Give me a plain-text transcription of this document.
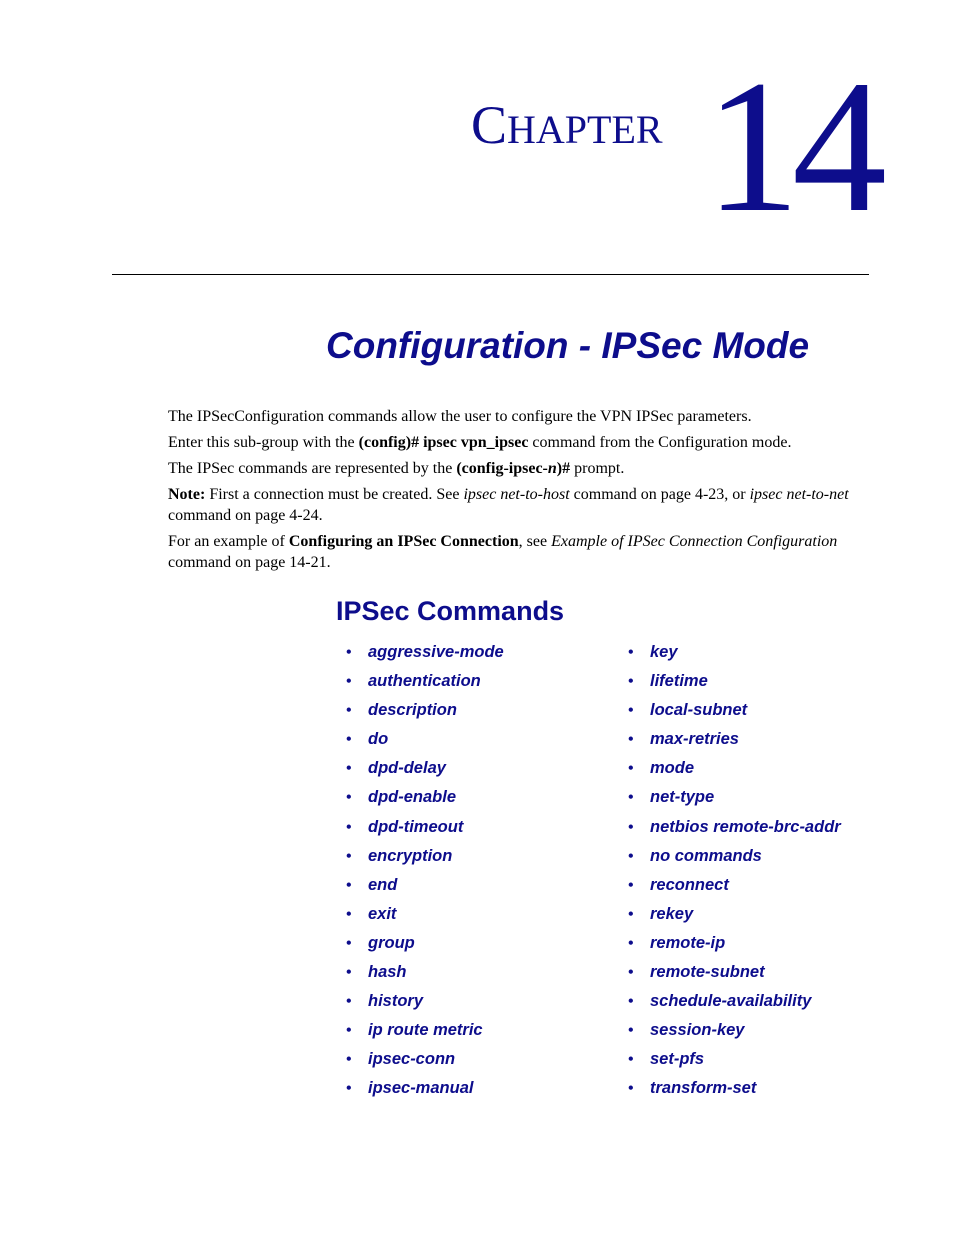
CHAPTER 14
Configuration - IPSec Mode

The IPSecConfiguration commands allow the user to configure the VPN IPSec parameters.

Enter this sub-group with the (config)# ipsec vpn_ipsec command from the Configuration mode.

The IPSec commands are represented by the (config-ipsec-n)# prompt.

Note: First a connection must be created. See ipsec net-to-host command on page 4-23, or ipsec net-to-net command on page 4-24.

For an example of Configuring an IPSec Connection, see Example of IPSec Connection Configuration command on page 14-21.

IPSec Commands
• aggressive-mode
• authentication
• description
• do
• dpd-delay
• dpd-enable
• dpd-timeout
• encryption
• end
• exit
• group
• hash
• history
• ip route metric
• ipsec-conn
• ipsec-manual
• key
• lifetime
• local-subnet
• max-retries
• mode
• net-type
• netbios remote-brc-addr
• no commands
• reconnect
• rekey
• remote-ip
• remote-subnet
• schedule-availability
• session-key
• set-pfs
• transform-set
